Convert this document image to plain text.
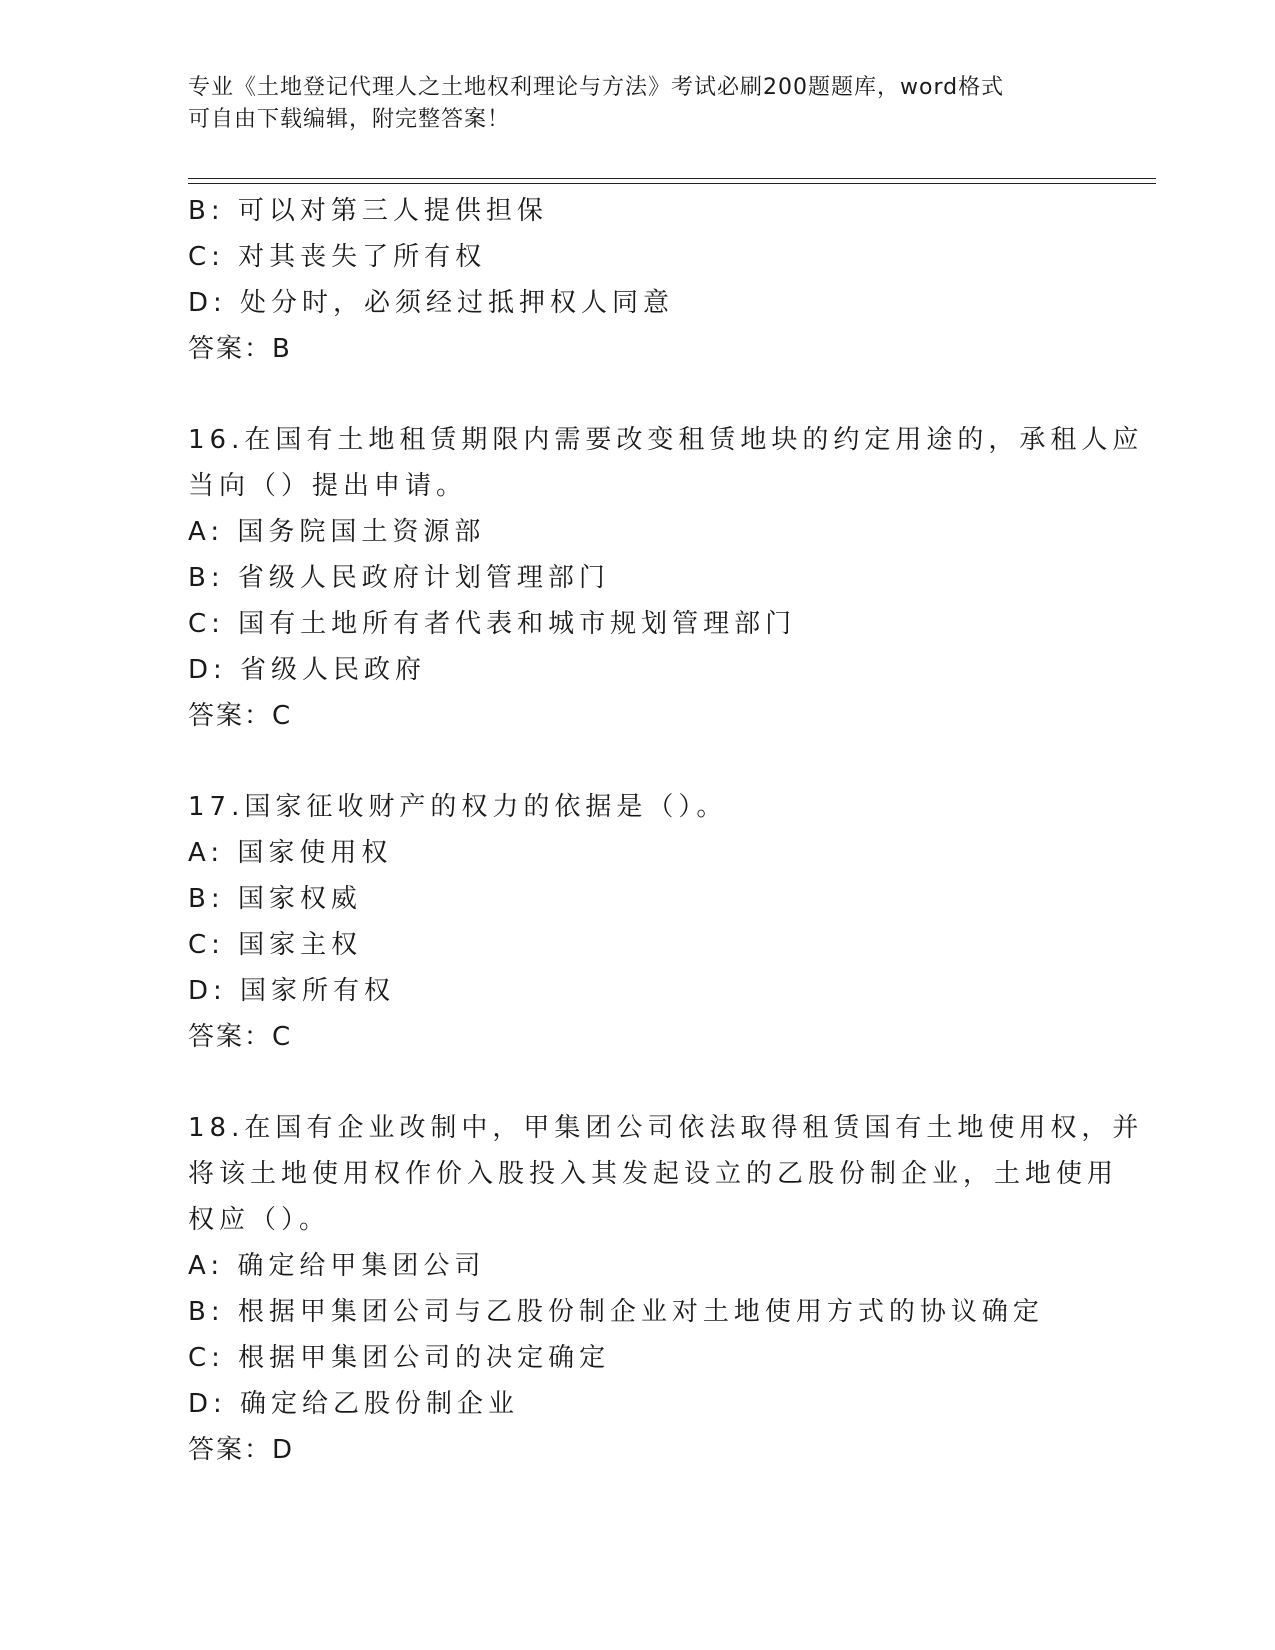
专业《土地登记代理人之土地权利理论与方法》考试必刷200题题库，word格式
可自由下载编辑，附完整答案！
B: 可以对第三人提供担保
C: 对其丧失了所有权
D: 处分时，必须经过抵押权人同意
答案：B
16.在国有土地租赁期限内需要改变租赁地块的约定用途的，承租人应
当向（）提出申请。
A: 国务院国土资源部
B: 省级人民政府计划管理部门
C: 国有土地所有者代表和城市规划管理部门
D: 省级人民政府
答案：C
17.国家征收财产的权力的依据是（）。
A: 国家使用权
B: 国家权威
C: 国家主权
D: 国家所有权
答案：C
18.在国有企业改制中，甲集团公司依法取得租赁国有土地使用权，并
将该土地使用权作价入股投入其发起设立的乙股份制企业，土地使用
权应（）。
A: 确定给甲集团公司
B: 根据甲集团公司与乙股份制企业对土地使用方式的协议确定
C: 根据甲集团公司的决定确定
D: 确定给乙股份制企业
答案：D
